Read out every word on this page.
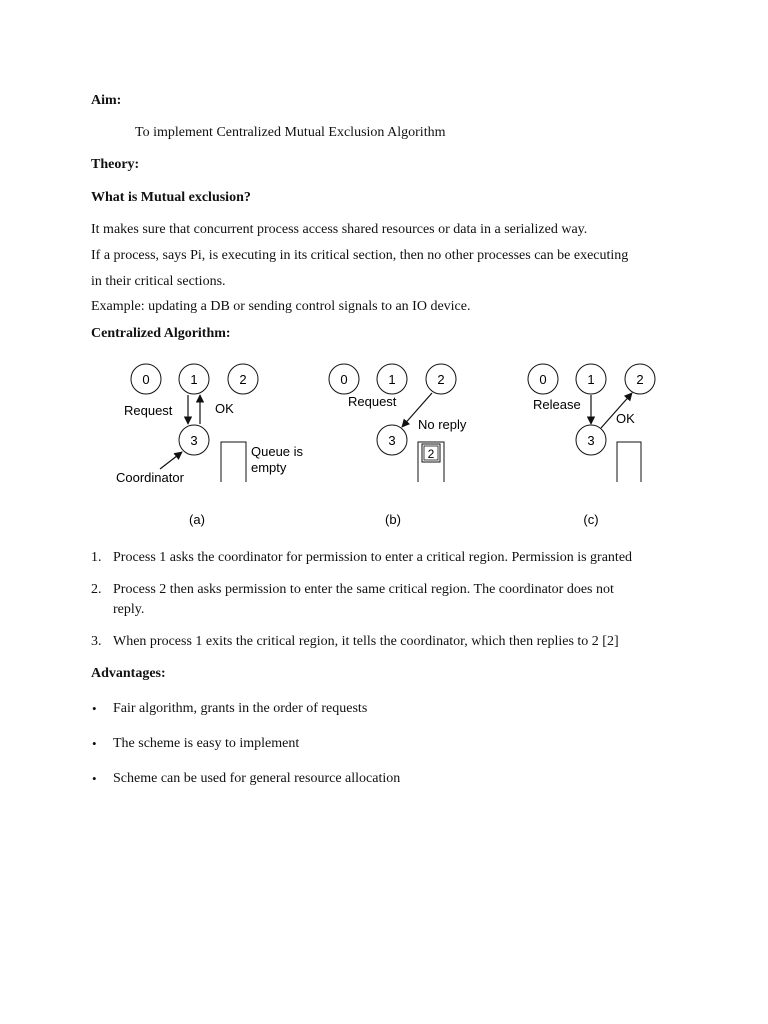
Aim:
To implement Centralized Mutual Exclusion Algorithm
Theory:
What is Mutual exclusion?
It makes sure that concurrent process access shared resources or data in a serialized way.
If a process, says Pi, is executing in its critical section, then no other processes can be executing
in their critical sections.
Example: updating a DB or sending control signals to an IO device.
Centralized Algorithm:
0	1	2
3
Request	OK
Queue is
empty
Coordinator
(a)
0	1	2
3
Request
No reply
2
(b)
0	1	2
3
Release
OK
(c)
1. Process 1 asks the coordinator for permission to enter a critical region. Permission is granted
2. Process 2 then asks permission to enter the same critical region. The coordinator does not
reply.
3. When process 1 exits the critical region, it tells the coordinator, which then replies to 2 [2]
Advantages:
• Fair algorithm, grants in the order of requests
• The scheme is easy to implement
• Scheme can be used for general resource allocation
